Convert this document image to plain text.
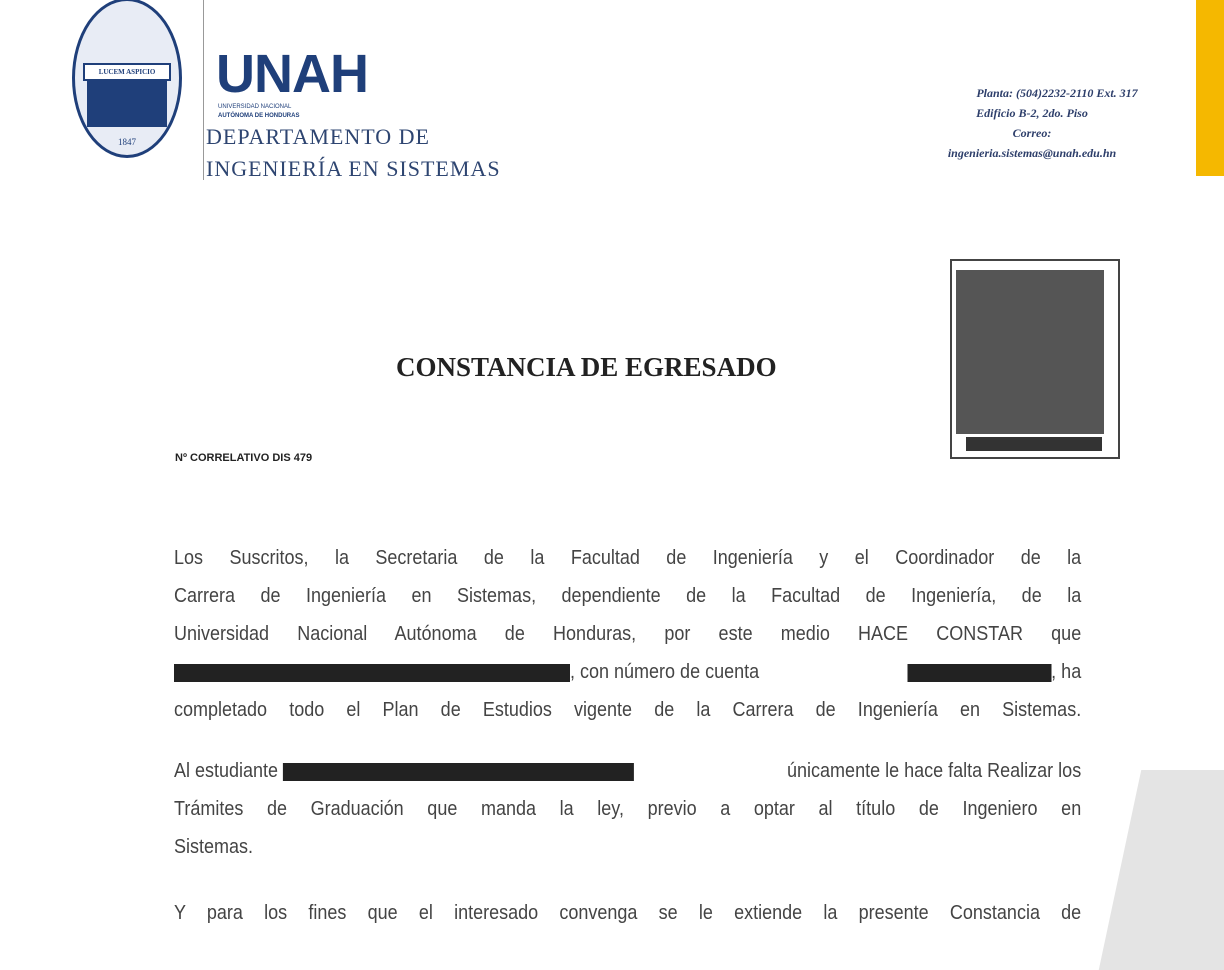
LUCEM ASPICIO
1847
UNAH
UNIVERSIDAD NACIONAL
AUTÓNOMA DE HONDURAS
DEPARTAMENTO DE
INGENIERÍA EN SISTEMAS
Planta: (504)2232-2110 Ext. 317
Edificio B-2, 2do. Piso
Correo:
ingenieria.sistemas@unah.edu.hn
CONSTANCIA DE EGRESADO
Nº CORRELATIVO DIS 479
Los Suscritos, la Secretaria de la Facultad de Ingeniería y el Coordinador de la
Carrera de Ingeniería en Sistemas, dependiente de la Facultad de Ingeniería, de la
Universidad Nacional Autónoma de Honduras, por este medio HACE CONSTAR que
, con número de cuenta	, ha
completado todo el Plan de Estudios vigente de la Carrera de Ingeniería en Sistemas.
Al estudiante	únicamente le hace falta Realizar los
Trámites de Graduación que manda la ley, previo a optar al título de Ingeniero en
Sistemas.
Y para los fines que el interesado convenga se le extiende la presente Constancia de
